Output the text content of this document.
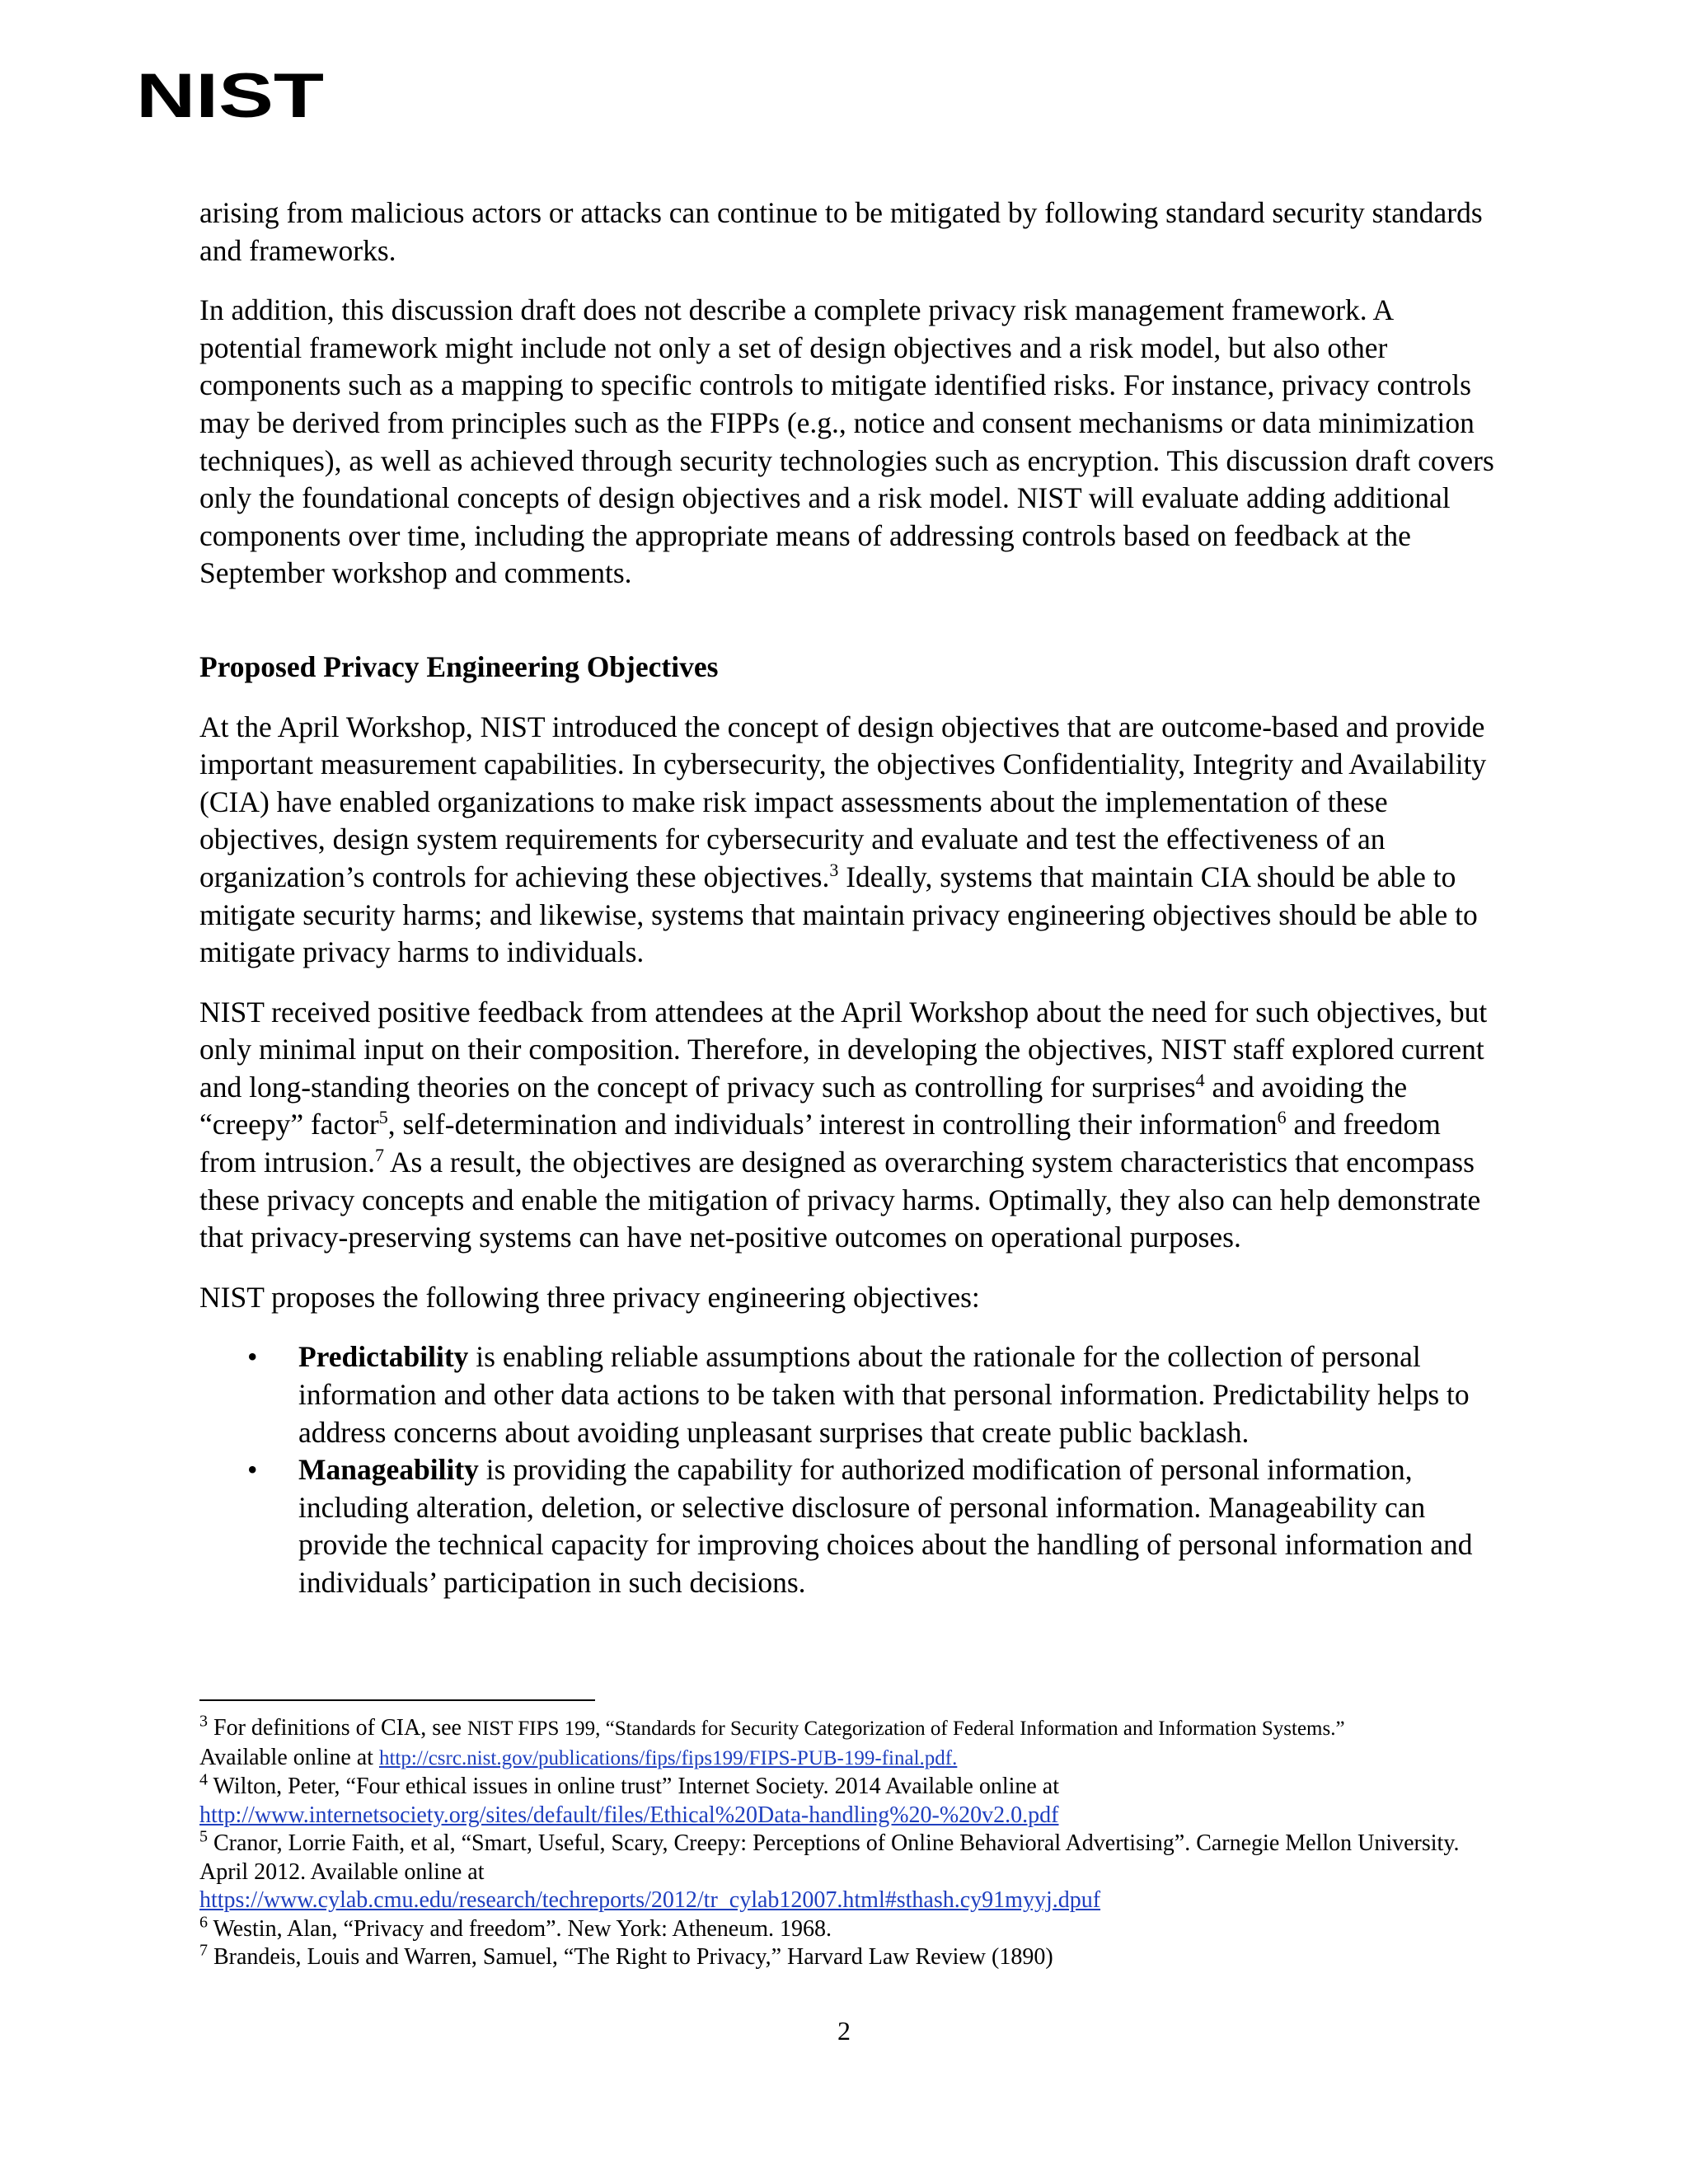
NIST

arising from malicious actors or attacks can continue to be mitigated by following standard security standards and frameworks.

In addition, this discussion draft does not describe a complete privacy risk management framework. A potential framework might include not only a set of design objectives and a risk model, but also other components such as a mapping to specific controls to mitigate identified risks. For instance, privacy controls may be derived from principles such as the FIPPs (e.g., notice and consent mechanisms or data minimization techniques), as well as achieved through security technologies such as encryption. This discussion draft covers only the foundational concepts of design objectives and a risk model. NIST will evaluate adding additional components over time, including the appropriate means of addressing controls based on feedback at the September workshop and comments.

Proposed Privacy Engineering Objectives

At the April Workshop, NIST introduced the concept of design objectives that are outcome-based and provide important measurement capabilities. In cybersecurity, the objectives Confidentiality, Integrity and Availability (CIA) have enabled organizations to make risk impact assessments about the implementation of these objectives, design system requirements for cybersecurity and evaluate and test the effectiveness of an organization’s controls for achieving these objectives.$^3$ Ideally, systems that maintain CIA should be able to mitigate security harms; and likewise, systems that maintain privacy engineering objectives should be able to mitigate privacy harms to individuals.

NIST received positive feedback from attendees at the April Workshop about the need for such objectives, but only minimal input on their composition. Therefore, in developing the objectives, NIST staff explored current and long-standing theories on the concept of privacy such as controlling for surprises$^4$ and avoiding the “creepy” factor$^5$, self-determination and individuals’ interest in controlling their information$^6$ and freedom from intrusion.$^7$ As a result, the objectives are designed as overarching system characteristics that encompass these privacy concepts and enable the mitigation of privacy harms. Optimally, they also can help demonstrate that privacy-preserving systems can have net-positive outcomes on operational purposes.

NIST proposes the following three privacy engineering objectives:

• Predictability is enabling reliable assumptions about the rationale for the collection of personal information and other data actions to be taken with that personal information. Predictability helps to address concerns about avoiding unpleasant surprises that create public backlash.
• Manageability is providing the capability for authorized modification of personal information, including alteration, deletion, or selective disclosure of personal information. Manageability can provide the technical capacity for improving choices about the handling of personal information and individuals’ participation in such decisions.

$^3$ For definitions of CIA, see NIST FIPS 199, “Standards for Security Categorization of Federal Information and Information Systems.”
Available online at http://csrc.nist.gov/publications/fips/fips199/FIPS-PUB-199-final.pdf.

$^4$ Wilton, Peter, “Four ethical issues in online trust” Internet Society. 2014 Available online at
http://www.internetsociety.org/sites/default/files/Ethical%20Data-handling%20-%20v2.0.pdf

$^5$ Cranor, Lorrie Faith, et al, “Smart, Useful, Scary, Creepy: Perceptions of Online Behavioral Advertising”. Carnegie Mellon University. April 2012. Available online at
https://www.cylab.cmu.edu/research/techreports/2012/tr_cylab12007.html#sthash.cy91myyj.dpuf

$^6$ Westin, Alan, “Privacy and freedom”. New York: Atheneum. 1968.

$^7$ Brandeis, Louis and Warren, Samuel, “The Right to Privacy,” Harvard Law Review (1890)

2
